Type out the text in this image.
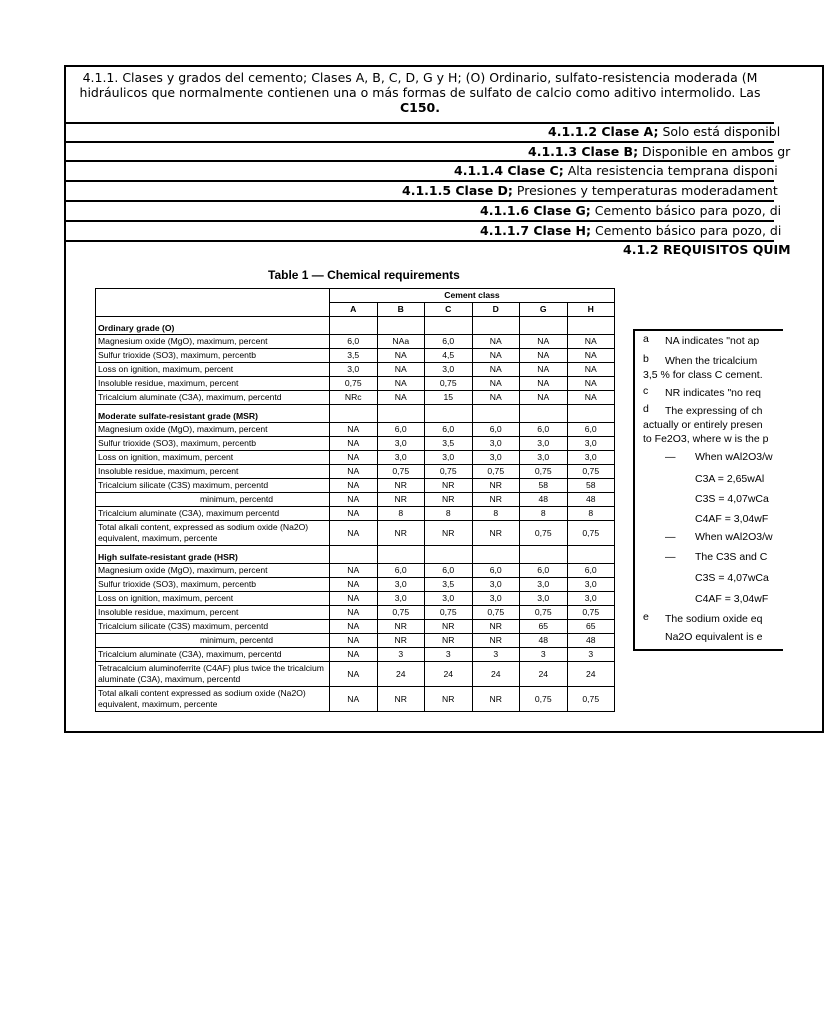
4.1.1. Clases y grados del cemento; Clases A, B, C, D, G y H; (O) Ordinario, sulfato-resistencia moderada (M
hidráulicos que normalmente contienen una o más formas de sulfato de calcio como aditivo intermolido. Las
C150.
4.1.1.2 Clase A; Solo está disponibl
4.1.1.3 Clase B; Disponible en ambos gr
4.1.1.4 Clase C; Alta resistencia temprana disponi
4.1.1.5 Clase D; Presiones y temperaturas moderadament
4.1.1.6 Clase G; Cemento básico para pozo, di
4.1.1.7 Clase H; Cemento básico para pozo, di
4.1.2 REQUISITOS QUIM
Table 1 — Chemical requirements
	Cement class					
	A	B	C	D	G	H
Ordinary grade (O)						
Magnesium oxide (MgO), maximum, percent	6,0	NAa	6,0	NA	NA	NA
Sulfur trioxide (SO3), maximum, percentb	3,5	NA	4,5	NA	NA	NA
Loss on ignition, maximum, percent	3,0	NA	3,0	NA	NA	NA
Insoluble residue, maximum, percent	0,75	NA	0,75	NA	NA	NA
Tricalcium aluminate (C3A), maximum, percentd	NRc	NA	15	NA	NA	NA
Moderate sulfate-resistant grade (MSR)						
Magnesium oxide (MgO), maximum, percent	NA	6,0	6,0	6,0	6,0	6,0
Sulfur trioxide (SO3), maximum, percentb	NA	3,0	3,5	3,0	3,0	3,0
Loss on ignition, maximum, percent	NA	3,0	3,0	3,0	3,0	3,0
Insoluble residue, maximum, percent	NA	0,75	0,75	0,75	0,75	0,75
Tricalcium silicate (C3S) maximum, percentd	NA	NR	NR	NR	58	58
minimum, percentd	NA	NR	NR	NR	48	48
Tricalcium aluminate (C3A), maximum percentd	NA	8	8	8	8	8
Total alkali content, expressed as sodium oxide (Na2O) equivalent, maximum, percente	NA	NR	NR	NR	0,75	0,75
High sulfate-resistant grade (HSR)						
Magnesium oxide (MgO), maximum, percent	NA	6,0	6,0	6,0	6,0	6,0
Sulfur trioxide (SO3), maximum, percentb	NA	3,0	3,5	3,0	3,0	3,0
Loss on ignition, maximum, percent	NA	3,0	3,0	3,0	3,0	3,0
Insoluble residue, maximum, percent	NA	0,75	0,75	0,75	0,75	0,75
Tricalcium silicate (C3S) maximum, percentd	NA	NR	NR	NR	65	65
minimum, percentd	NA	NR	NR	NR	48	48
Tricalcium aluminate (C3A), maximum, percentd	NA	3	3	3	3	3
Tetracalcium aluminoferrite (C4AF) plus twice the tricalcium aluminate (C3A), maximum, percentd	NA	24	24	24	24	24
Total alkali content expressed as sodium oxide (Na2O) equivalent, maximum, percente	NA	NR	NR	NR	0,75	0,75
a NA indicates "not ap
b When the tricalcium
3,5 % for class C cement.
c NR indicates "no req
d The expressing of ch
actually or entirely presen
to Fe2O3, where w is the p
— When wAl2O3/w
C3A = 2,65wAl
C3S = 4,07wCa
C4AF = 3,04wF
— When wAl2O3/w
— The C3S and C
C3S = 4,07wCa
C4AF = 3,04wF
e The sodium oxide eq
Na2O equivalent is e
